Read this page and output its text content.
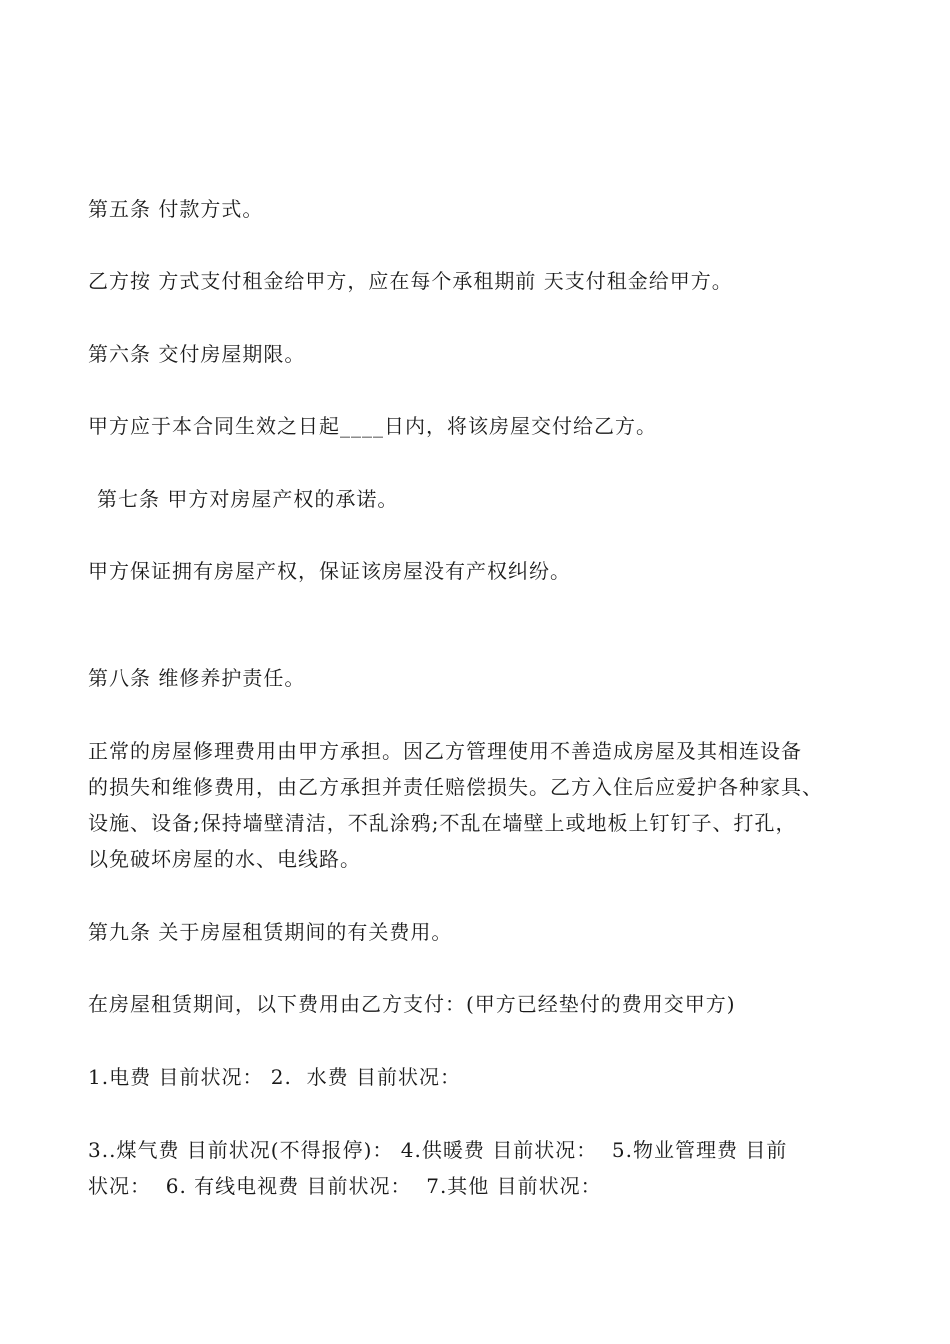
第五条 付款方式。
乙方按 方式支付租金给甲方，应在每个承租期前 天支付租金给甲方。
第六条 交付房屋期限。
甲方应于本合同生效之日起____日内，将该房屋交付给乙方。
第七条 甲方对房屋产权的承诺。
甲方保证拥有房屋产权，保证该房屋没有产权纠纷。
第八条 维修养护责任。
正常的房屋修理费用由甲方承担。因乙方管理使用不善造成房屋及其相连设备
的损失和维修费用，由乙方承担并责任赔偿损失。乙方入住后应爱护各种家具、
设施、设备;保持墙壁清洁，不乱涂鸦;不乱在墙壁上或地板上钉钉子、打孔，
以免破坏房屋的水、电线路。
第九条 关于房屋租赁期间的有关费用。
在房屋租赁期间，以下费用由乙方支付：(甲方已经垫付的费用交甲方)
1.电费 目前状况： 2.  水费 目前状况：
3..煤气费 目前状况(不得报停)： 4.供暖费 目前状况：  5.物业管理费 目前
状况：  6. 有线电视费 目前状况：  7.其他 目前状况：
